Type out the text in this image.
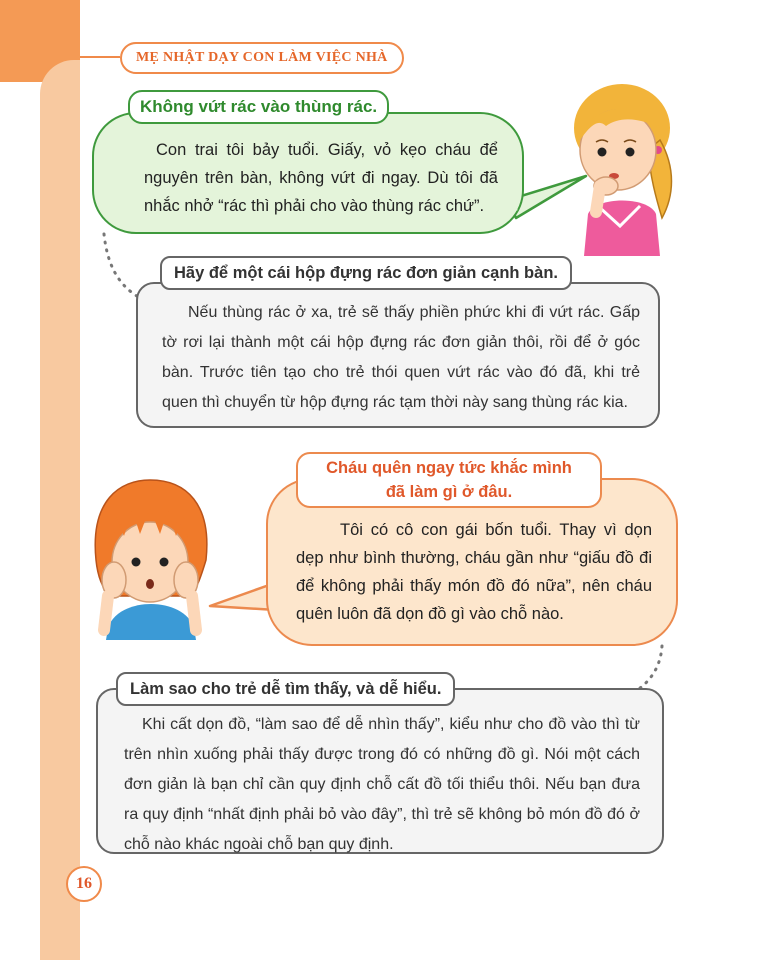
MẸ NHẬT DẠY CON LÀM VIỆC NHÀ

Con trai tôi bảy tuổi. Giấy, vỏ kẹo cháu để nguyên trên bàn, không vứt đi ngay. Dù tôi đã nhắc nhở “rác thì phải cho vào thùng rác chứ”.

Không vứt rác vào thùng rác.

Nếu thùng rác ở xa, trẻ sẽ thấy phiền phức khi đi vứt rác. Gấp tờ rơi lại thành một cái hộp đựng rác đơn giản thôi, rồi để ở góc bàn. Trước tiên tạo cho trẻ thói quen vứt rác vào đó đã, khi trẻ quen thì chuyển từ hộp đựng rác tạm thời này sang thùng rác kia.

Hãy để một cái hộp đựng rác đơn giản cạnh bàn.

Tôi có cô con gái bốn tuổi. Thay vì dọn dẹp như bình thường, cháu gần như “giấu đồ đi để không phải thấy món đồ đó nữa”, nên cháu quên luôn đã dọn đồ gì vào chỗ nào.

Cháu quên ngay tức khắc mình
đã làm gì ở đâu.

Khi cất dọn đồ, “làm sao để dễ nhìn thấy”, kiểu như cho đồ vào thì từ trên nhìn xuống phải thấy được trong đó có những đồ gì. Nói một cách đơn giản là bạn chỉ cần quy định chỗ cất đồ tối thiểu thôi. Nếu bạn đưa ra quy định “nhất định phải bỏ vào đây”, thì trẻ sẽ không bỏ món đồ đó ở chỗ nào khác ngoài chỗ bạn quy định.

Làm sao cho trẻ dễ tìm thấy, và dễ hiểu.
16
